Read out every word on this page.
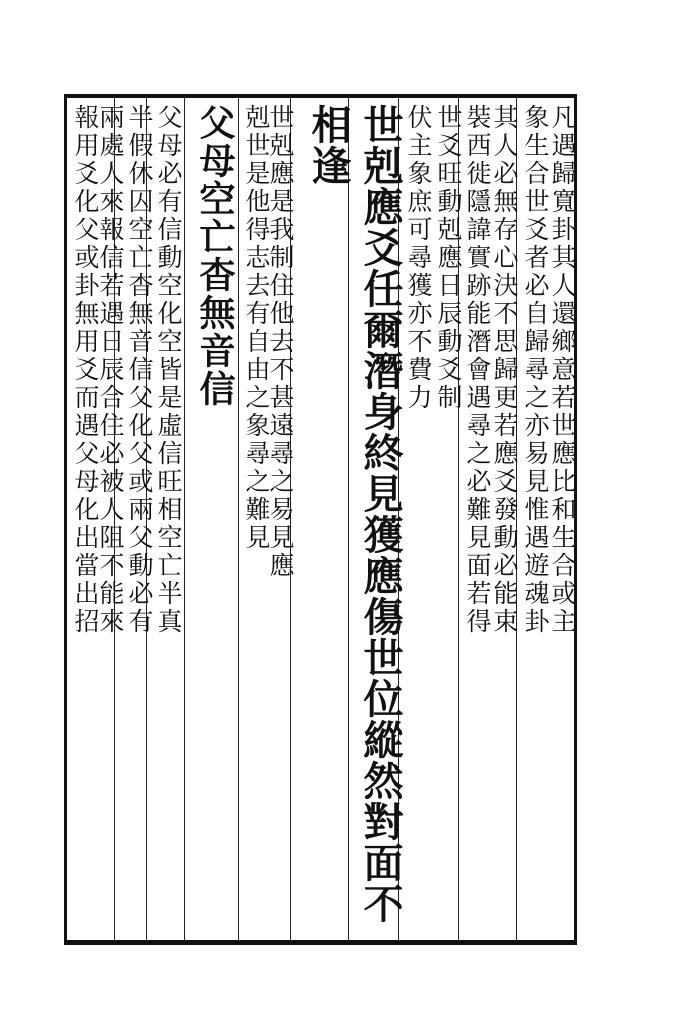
凡遇歸寬卦其人還鄉意若世應比和生合或主
象生合世爻者必自歸尋之亦易見惟遇遊魂卦
其人必無存心決不思歸更若應爻發動必能束
裝西徙隱諱實跡能潛會遇尋之必難見面若得
世爻旺動剋應日辰動爻制
伏主象庶可尋獲亦不費力
世剋應爻任爾潛身終見獲應傷世位縱然對面不
相逢
世剋應是我制住他去不甚遠尋之易見應
剋世是他得志去有自由之象尋之難見
父母空亡杳無音信
父母必有信動空化空皆是虛信旺相空亡半真
半假休囚空亡杳無音信父化父或兩父動必有
兩處人來報信若遇日辰合住必被人阻不能來
報用爻化父或卦無用爻而遇父母化出當出招
